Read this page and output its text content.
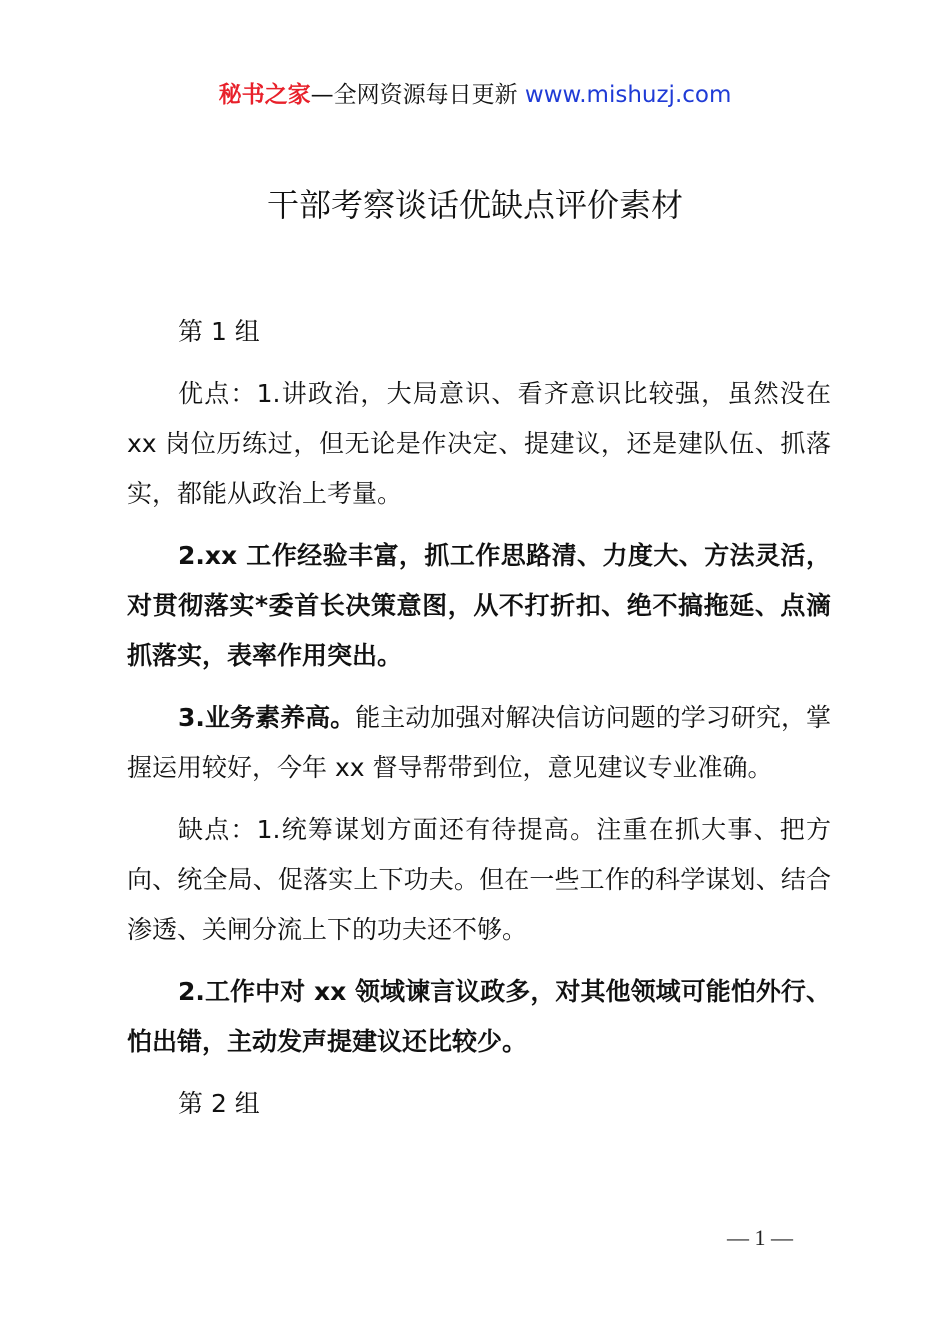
秘书之家—全网资源每日更新 www.mishuzj.com
干部考察谈话优缺点评价素材

第 1 组

优点：1.讲政治，大局意识、看齐意识比较强，虽然没在 xx 岗位历练过，但无论是作决定、提建议，还是建队伍、抓落实，都能从政治上考量。

2.xx 工作经验丰富，抓工作思路清、力度大、方法灵活，对贯彻落实*委首长决策意图，从不打折扣、绝不搞拖延、点滴抓落实，表率作用突出。

3.业务素养高。能主动加强对解决信访问题的学习研究，掌握运用较好，今年 xx 督导帮带到位，意见建议专业准确。

缺点：1.统筹谋划方面还有待提高。注重在抓大事、把方向、统全局、促落实上下功夫。但在一些工作的科学谋划、结合渗透、关闸分流上下的功夫还不够。

2.工作中对 xx 领域谏言议政多，对其他领域可能怕外行、怕出错，主动发声提建议还比较少。

第 2 组

— 1 —
